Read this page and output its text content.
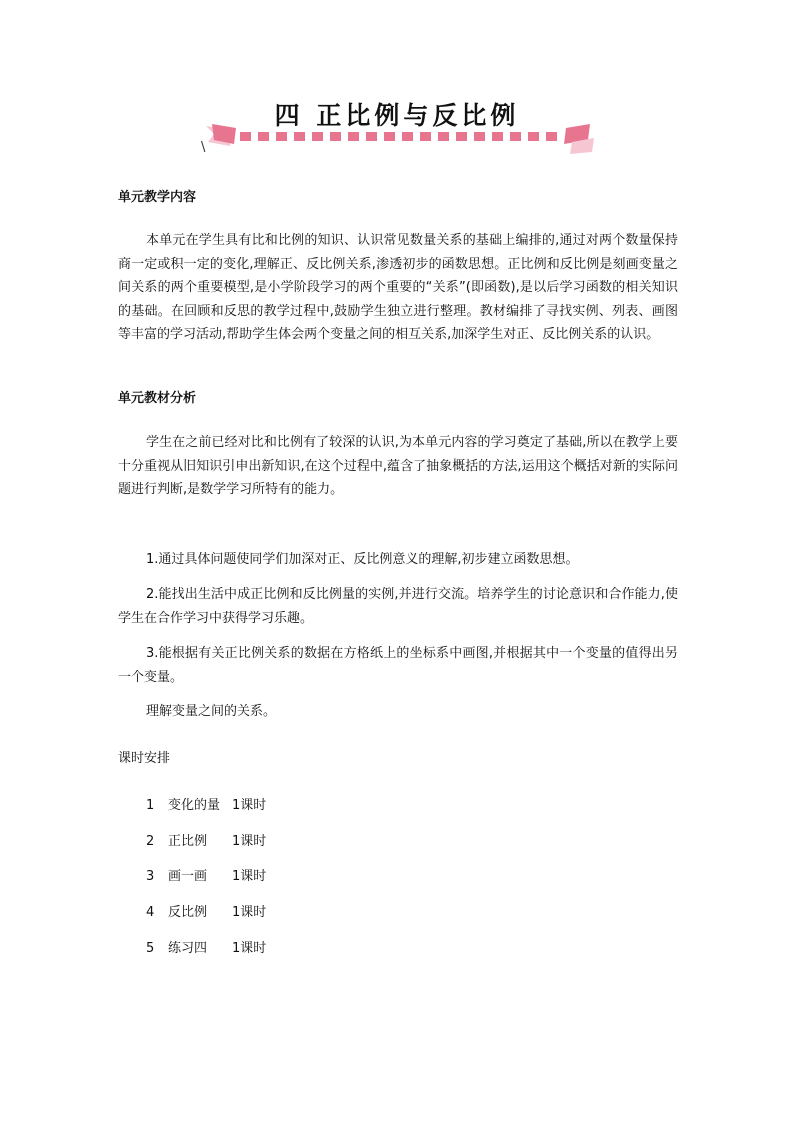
四 正比例与反比例
\
单元教学内容
本单元在学生具有比和比例的知识、认识常见数量关系的基础上编排的,通过对两个数量保持商一定或积一定的变化,理解正、反比例关系,渗透初步的函数思想。正比例和反比例是刻画变量之间关系的两个重要模型,是小学阶段学习的两个重要的“关系”(即函数),是以后学习函数的相关知识的基础。在回顾和反思的教学过程中,鼓励学生独立进行整理。教材编排了寻找实例、列表、画图等丰富的学习活动,帮助学生体会两个变量之间的相互关系,加深学生对正、反比例关系的认识。
单元教材分析
学生在之前已经对比和比例有了较深的认识,为本单元内容的学习奠定了基础,所以在教学上要十分重视从旧知识引申出新知识,在这个过程中,蕴含了抽象概括的方法,运用这个概括对新的实际问题进行判断,是数学学习所特有的能力。
1.通过具体问题使同学们加深对正、反比例意义的理解,初步建立函数思想。
2.能找出生活中成正比例和反比例量的实例,并进行交流。培养学生的讨论意识和合作能力,使学生在合作学习中获得学习乐趣。
3.能根据有关正比例关系的数据在方格纸上的坐标系中画图,并根据其中一个变量的值得出另一个变量。
理解变量之间的关系。
课时安排
1 变化的量 1课时
2 正比例 1课时
3 画一画1课时
4 反比例 1课时
5 练习四 1课时
